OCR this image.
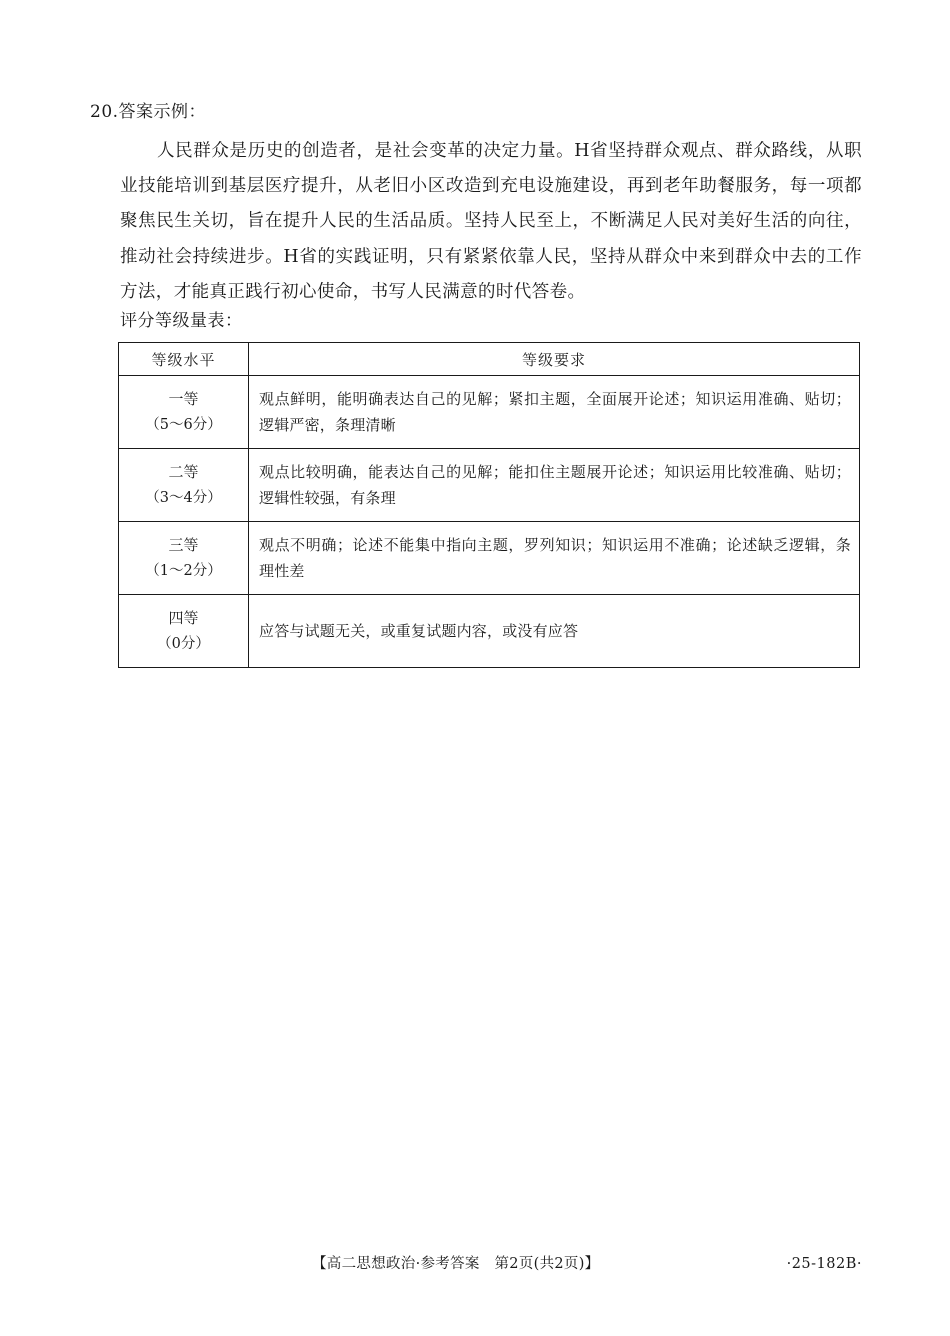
20.答案示例：
人民群众是历史的创造者，是社会变革的决定力量。H省坚持群众观点、群众路线，从职业技能培训到基层医疗提升，从老旧小区改造到充电设施建设，再到老年助餐服务，每一项都聚焦民生关切，旨在提升人民的生活品质。坚持人民至上，不断满足人民对美好生活的向往，推动社会持续进步。H省的实践证明，只有紧紧依靠人民，坚持从群众中来到群众中去的工作方法，才能真正践行初心使命，书写人民满意的时代答卷。
评分等级量表：
等级水平	等级要求
一等
（5～6分）	观点鲜明，能明确表达自己的见解；紧扣主题，全面展开论述；知识运用准确、贴切；逻辑严密，条理清晰
二等
（3～4分）	观点比较明确，能表达自己的见解；能扣住主题展开论述；知识运用比较准确、贴切；逻辑性较强，有条理
三等
（1～2分）	观点不明确；论述不能集中指向主题，罗列知识；知识运用不准确；论述缺乏逻辑，条理性差
四等
（0分）	应答与试题无关，或重复试题内容，或没有应答
【高二思想政治·参考答案　第2页(共2页)】	·25-182B·
